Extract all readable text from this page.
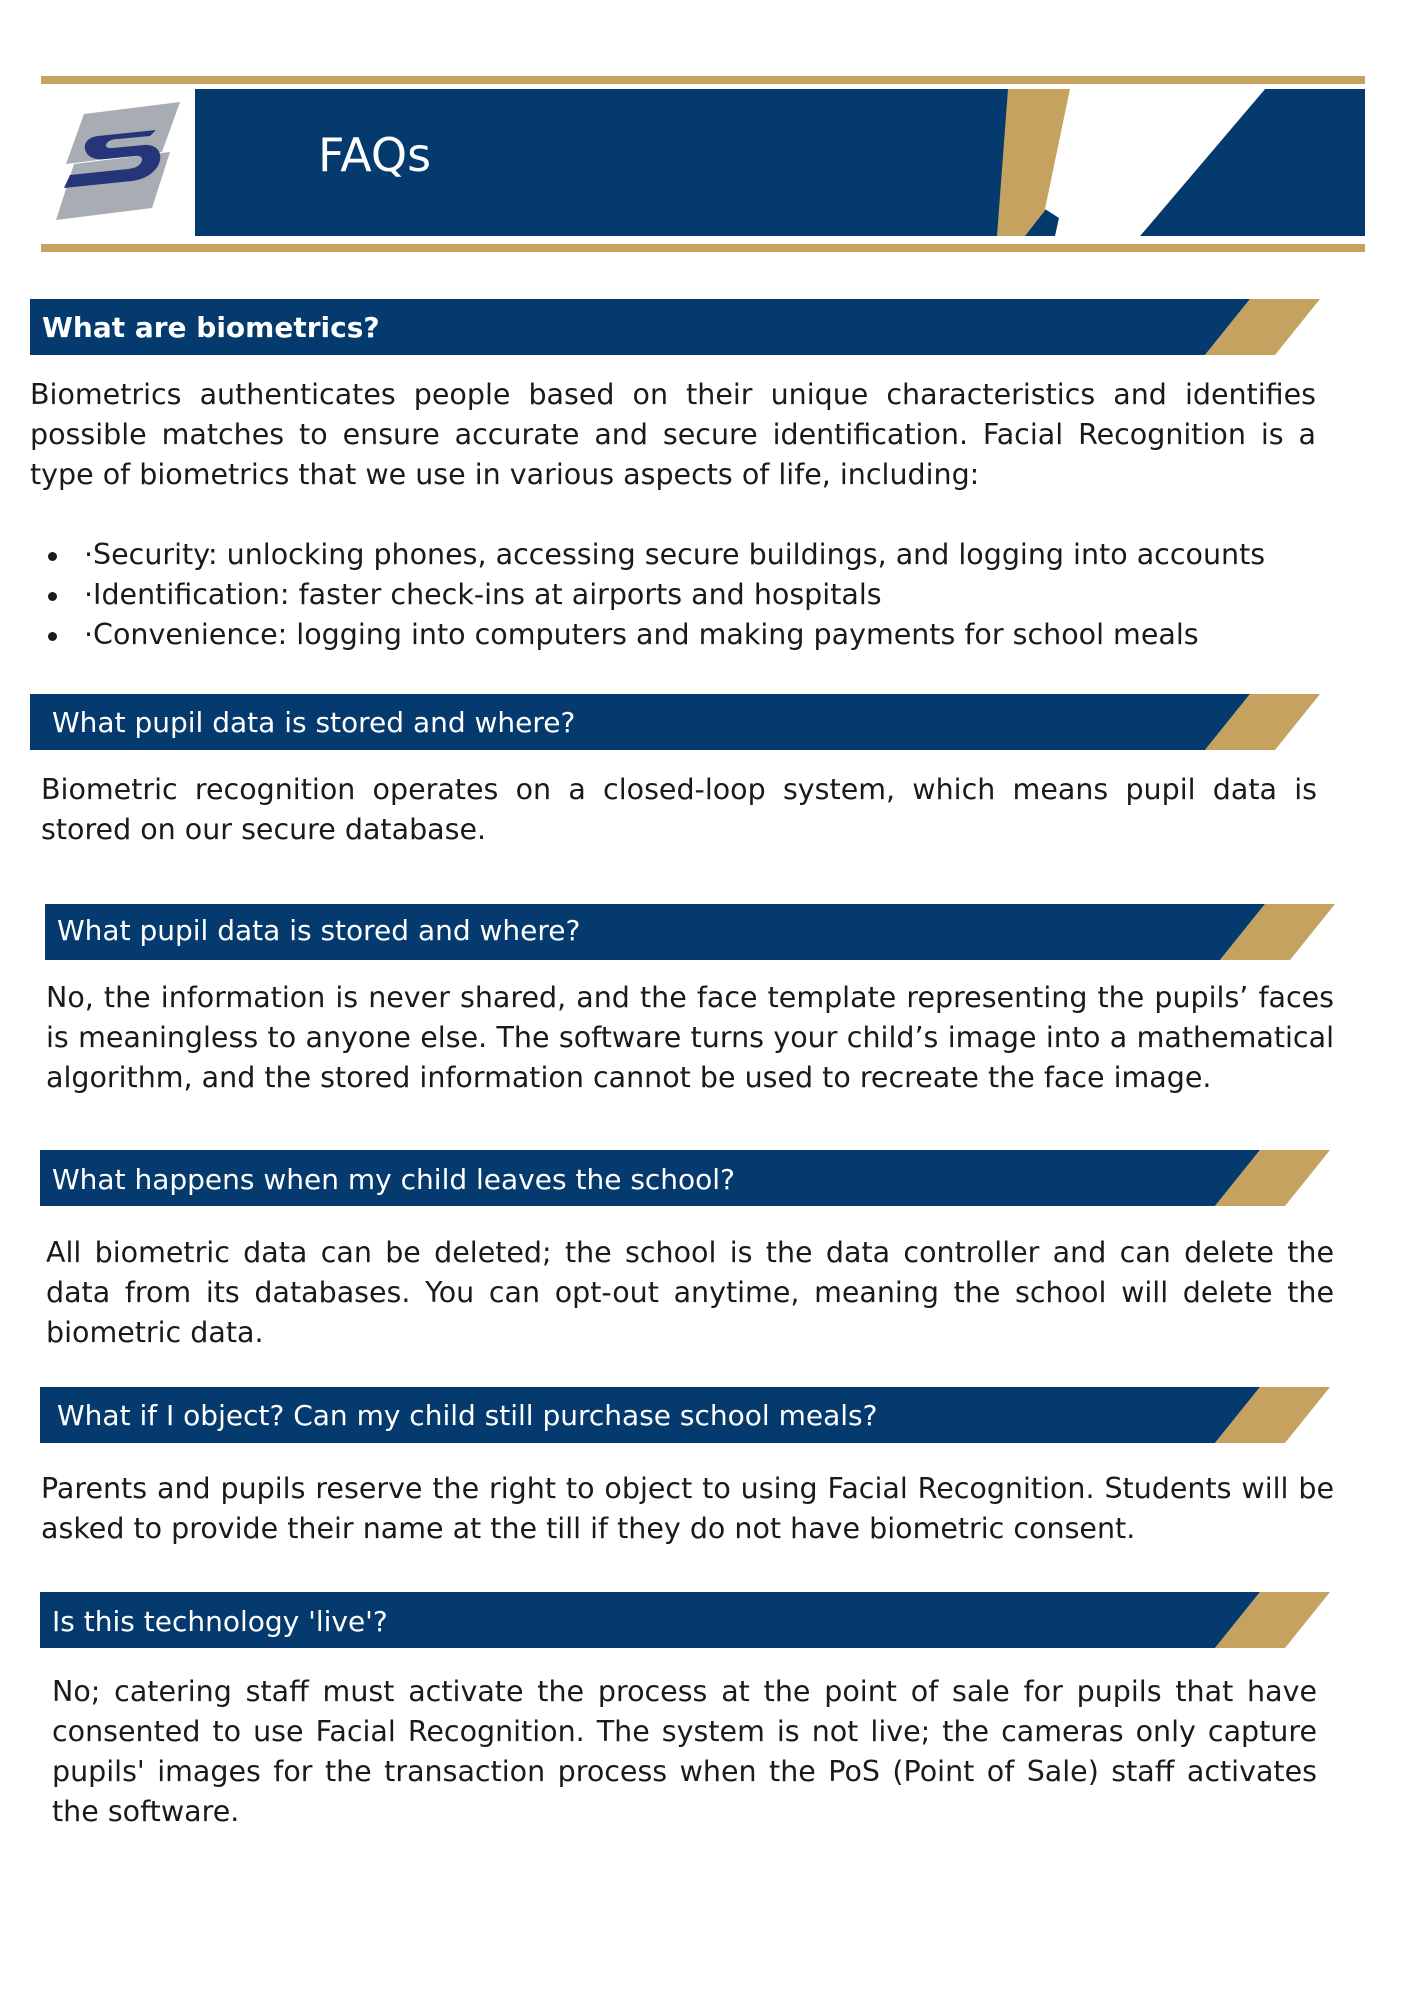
FAQs
What are biometrics?
Biometrics authenticates people based on their unique characteristics and identifies possible matches to ensure accurate and secure identification. Facial Recognition is a type of biometrics that we use in various aspects of life, including:
·Security: unlocking phones, accessing secure buildings, and logging into accounts
·Identification: faster check-ins at airports and hospitals
·Convenience: logging into computers and making payments for school meals
What pupil data is stored and where?
Biometric recognition operates on a closed-loop system, which means pupil data is stored on our secure database.
What pupil data is stored and where?
No, the information is never shared, and the face template representing the pupils’ faces is meaningless to anyone else. The software turns your child’s image into a mathematical algorithm, and the stored information cannot be used to recreate the face image.
What happens when my child leaves the school?
All biometric data can be deleted; the school is the data controller and can delete the data from its databases. You can opt-out anytime, meaning the school will delete the biometric data.
What if I object? Can my child still purchase school meals?
Parents and pupils reserve the right to object to using Facial Recognition. Students will be asked to provide their name at the till if they do not have biometric consent.
Is this technology 'live'?
No; catering staff must activate the process at the point of sale for pupils that have consented to use Facial Recognition. The system is not live; the cameras only capture pupils' images for the transaction process when the PoS (Point of Sale) staff activates the software.
